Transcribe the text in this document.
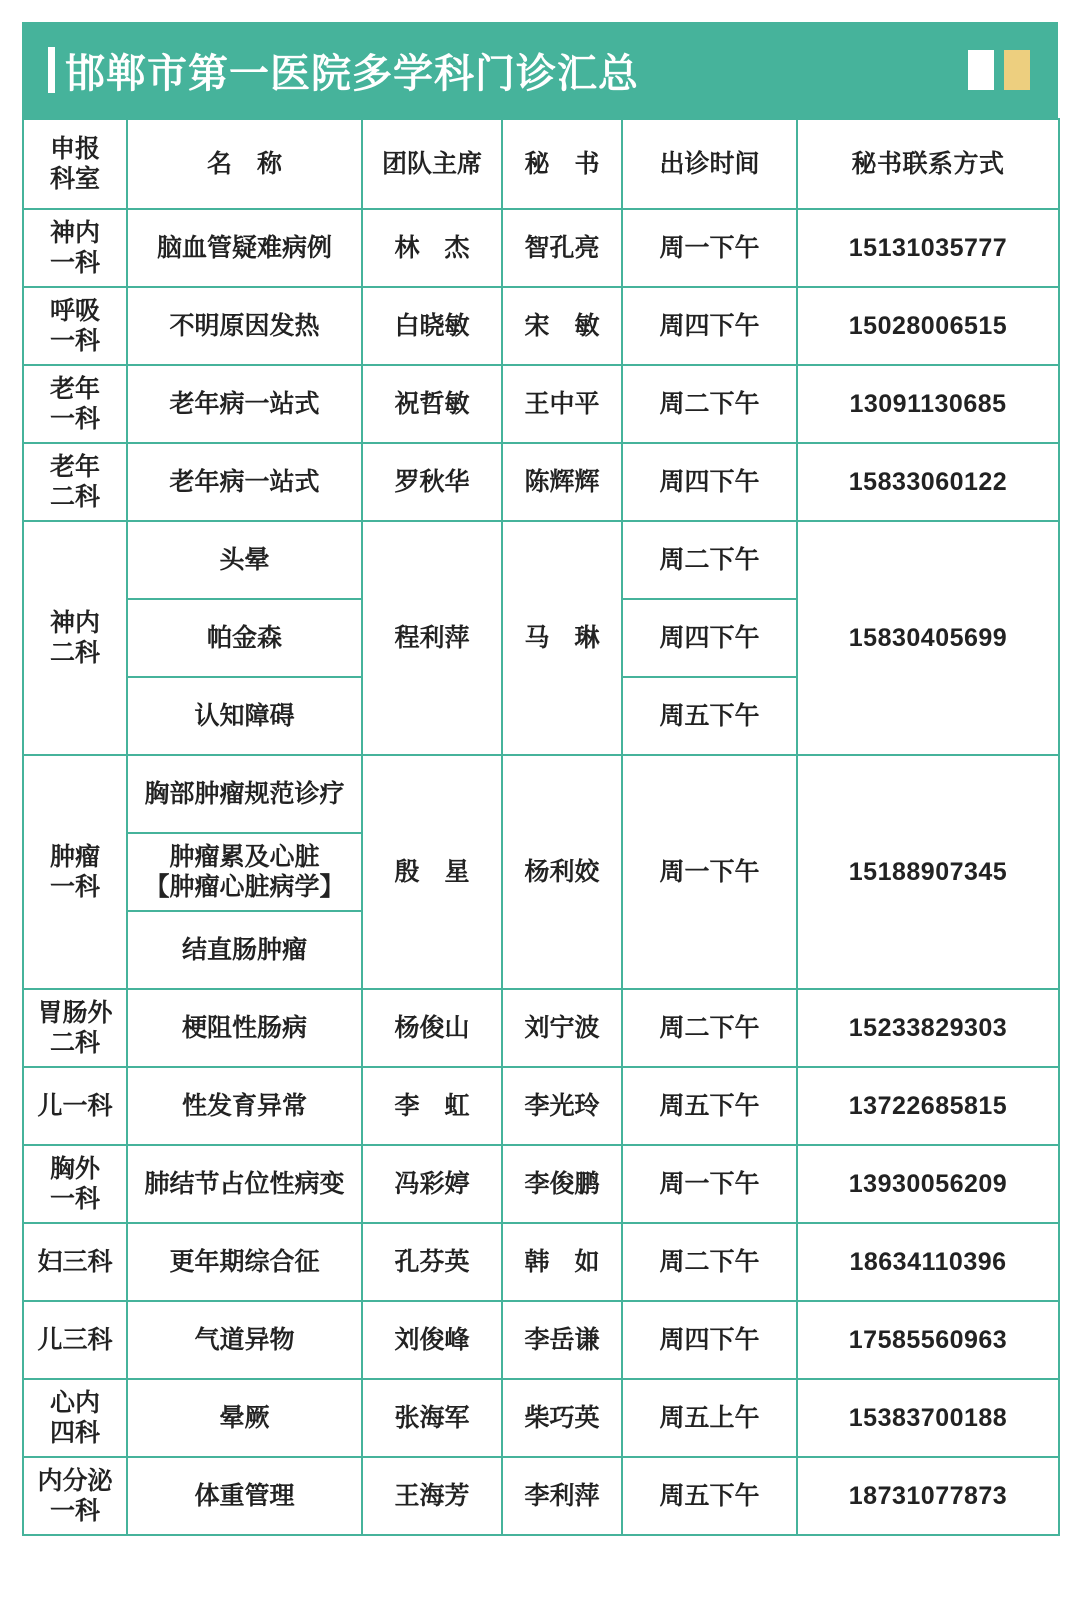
邯郸市第一医院多学科门诊汇总
申报
科室	名　称	团队主席	秘　书	出诊时间	秘书联系方式

神内
一科	脑血管疑难病例	林　杰	智孔亮	周一下午	15131035777

呼吸
一科	不明原因发热	白晓敏	宋　敏	周四下午	15028006515

老年
一科	老年病一站式	祝哲敏	王中平	周二下午	13091130685

老年
二科	老年病一站式	罗秋华	陈辉辉	周四下午	15833060122

神内
二科	头晕	程利萍	马　琳	周二下午	15830405699
	帕金森			周四下午	
	认知障碍			周五下午	

肿瘤
一科	胸部肿瘤规范诊疗	殷　星	杨利姣	周一下午	15188907345

	肿瘤累及心脏
【肿瘤心脏病学】				

	结直肠肿瘤				

胃肠外
二科	梗阻性肠病	杨俊山	刘宁波	周二下午	15233829303

儿一科	性发育异常	李　虹	李光玲	周五下午	13722685815

胸外
一科	肺结节占位性病变	冯彩婷	李俊鹏	周一下午	13930056209

妇三科	更年期综合征	孔芬英	韩　如	周二下午	18634110396

儿三科	气道异物	刘俊峰	李岳谦	周四下午	17585560963

心内
四科	晕厥	张海军	柴巧英	周五上午	15383700188

内分泌
一科	体重管理	王海芳	李利萍	周五下午	18731077873
